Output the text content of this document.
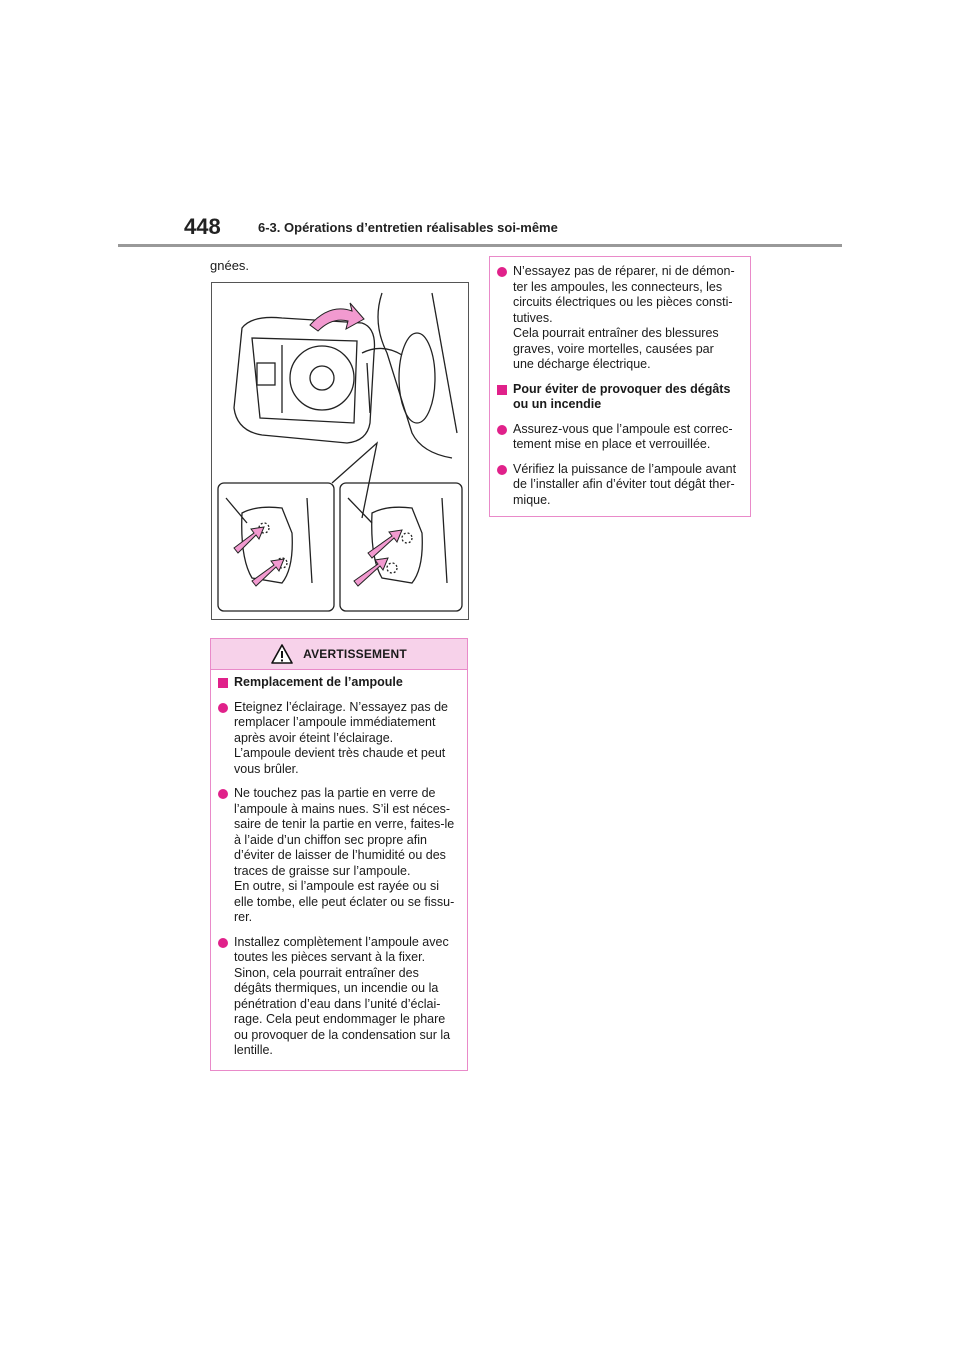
448	6-3. Opérations d’entretien réalisables soi-même
gnées.
AVERTISSEMENT
Remplacement de l’ampoule
Eteignez l’éclairage. N’essayez pas de
remplacer l’ampoule immédiatement
après avoir éteint l’éclairage.
L’ampoule devient très chaude et peut
vous brûler.
Ne touchez pas la partie en verre de
l’ampoule à mains nues. S’il est néces-
saire de tenir la partie en verre, faites-le
à l’aide d’un chiffon sec propre afin
d’éviter de laisser de l’humidité ou des
traces de graisse sur l’ampoule.
En outre, si l’ampoule est rayée ou si
elle tombe, elle peut éclater ou se fissu-
rer.
Installez complètement l’ampoule avec
toutes les pièces servant à la fixer.
Sinon, cela pourrait entraîner des
dégâts thermiques, un incendie ou la
pénétration d’eau dans l’unité d’éclai-
rage. Cela peut endommager le phare
ou provoquer de la condensation sur la
lentille.
N’essayez pas de réparer, ni de démon-
ter les ampoules, les connecteurs, les
circuits électriques ou les pièces consti-
tutives.
Cela pourrait entraîner des blessures
graves, voire mortelles, causées par
une décharge électrique.
Pour éviter de provoquer des dégâts
ou un incendie
Assurez-vous que l’ampoule est correc-
tement mise en place et verrouillée.
Vérifiez la puissance de l’ampoule avant
de l’installer afin d’éviter tout dégât ther-
mique.
